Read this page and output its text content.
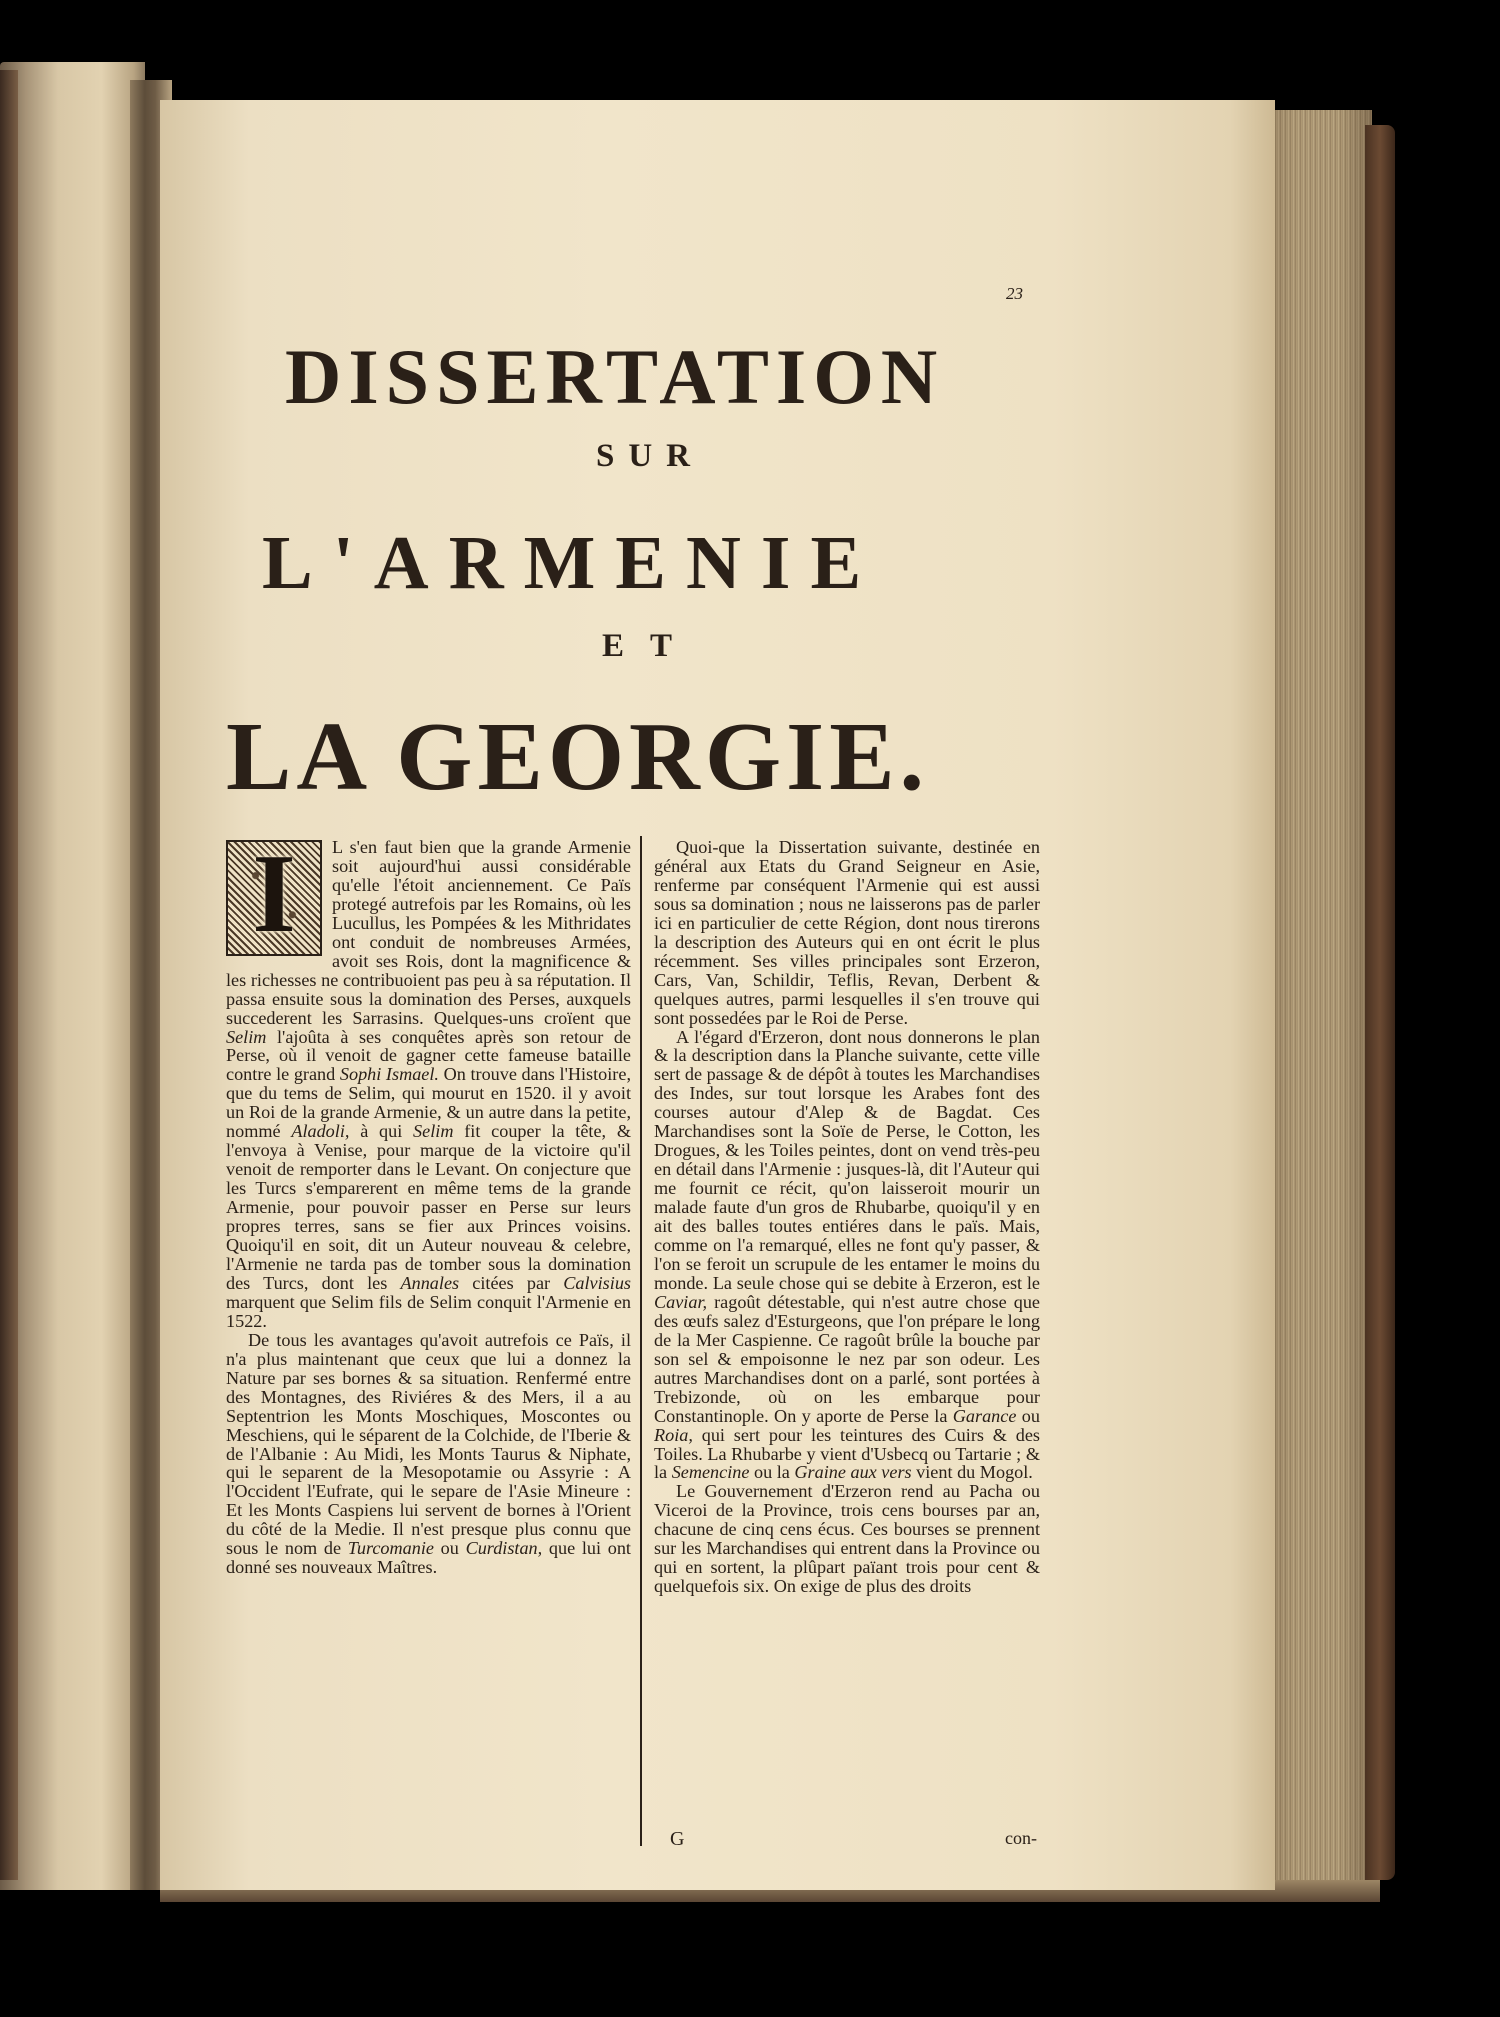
23
DISSERTATION
SUR
L'ARMENIE
ET
LA GEORGIE.

I	L s'en faut bien que la grande Armenie soit aujourd'hui aussi considérable qu'elle l'étoit anciennement. Ce Païs protegé autrefois par les Romains, où les Lucullus, les Pompées & les Mithridates ont conduit de nombreuses Armées, avoit ses Rois, dont la magnificence & les richesses ne contribuoient pas peu à sa réputation. Il passa ensuite sous la domination des Perses, auxquels succederent les Sarrasins. Quelques-uns croïent que Selim l'ajoûta à ses conquêtes après son retour de Perse, où il venoit de gagner cette fameuse bataille contre le grand Sophi Ismael. On trouve dans l'Histoire, que du tems de Selim, qui mourut en 1520. il y avoit un Roi de la grande Armenie, & un autre dans la petite, nommé Aladoli, à qui Selim fit couper la tête, & l'envoya à Venise, pour marque de la victoire qu'il venoit de remporter dans le Levant. On conjecture que les Turcs s'emparerent en même tems de la grande Armenie, pour pouvoir passer en Perse sur leurs propres terres, sans se fier aux Princes voisins. Quoiqu'il en soit, dit un Auteur nouveau & celebre, l'Armenie ne tarda pas de tomber sous la domination des Turcs, dont les Annales citées par Calvisius marquent que Selim fils de Selim conquit l'Armenie en 1522.

De tous les avantages qu'avoit autrefois ce Païs, il n'a plus maintenant que ceux que lui a donnez la Nature par ses bornes & sa situation. Renfermé entre des Montagnes, des Riviéres & des Mers, il a au Septentrion les Monts Moschiques, Moscontes ou Meschiens, qui le séparent de la Colchide, de l'Iberie & de l'Albanie : Au Midi, les Monts Taurus & Niphate, qui le separent de la Mesopotamie ou Assyrie : A l'Occident l'Eufrate, qui le separe de l'Asie Mineure : Et les Monts Caspiens lui servent de bornes à l'Orient du côté de la Medie. Il n'est presque plus connu que sous le nom de Turcomanie ou Curdistan, que lui ont donné ses nouveaux Maîtres.

Quoi-que la Dissertation suivante, destinée en général aux Etats du Grand Seigneur en Asie, renferme par conséquent l'Armenie qui est aussi sous sa domination ; nous ne laisserons pas de parler ici en particulier de cette Région, dont nous tirerons la description des Auteurs qui en ont écrit le plus récemment. Ses villes principales sont Erzeron, Cars, Van, Schildir, Teflis, Revan, Derbent & quelques autres, parmi lesquelles il s'en trouve qui sont possedées par le Roi de Perse.

A l'égard d'Erzeron, dont nous donnerons le plan & la description dans la Planche suivante, cette ville sert de passage & de dépôt à toutes les Marchandises des Indes, sur tout lorsque les Arabes font des courses autour d'Alep & de Bagdat. Ces Marchandises sont la Soïe de Perse, le Cotton, les Drogues, & les Toiles peintes, dont on vend très-peu en détail dans l'Armenie : jusques-là, dit l'Auteur qui me fournit ce récit, qu'on laisseroit mourir un malade faute d'un gros de Rhubarbe, quoiqu'il y en ait des balles toutes entiéres dans le païs. Mais, comme on l'a remarqué, elles ne font qu'y passer, & l'on se feroit un scrupule de les entamer le moins du monde. La seule chose qui se debite à Erzeron, est le Caviar, ragoût détestable, qui n'est autre chose que des œufs salez d'Esturgeons, que l'on prépare le long de la Mer Caspienne. Ce ragoût brûle la bouche par son sel & empoisonne le nez par son odeur. Les autres Marchandises dont on a parlé, sont portées à Trebizonde, où on les embarque pour Constantinople. On y aporte de Perse la Garance ou Roia, qui sert pour les teintures des Cuirs & des Toiles. La Rhubarbe y vient d'Usbecq ou Tartarie ; & la Semencine ou la Graine aux vers vient du Mogol.

Le Gouvernement d'Erzeron rend au Pacha ou Viceroi de la Province, trois cens bourses par an, chacune de cinq cens écus. Ces bourses se prennent sur les Marchandises qui entrent dans la Province ou qui en sortent, la plûpart païant trois pour cent & quelquefois six. On exige de plus des droits

G	con-
